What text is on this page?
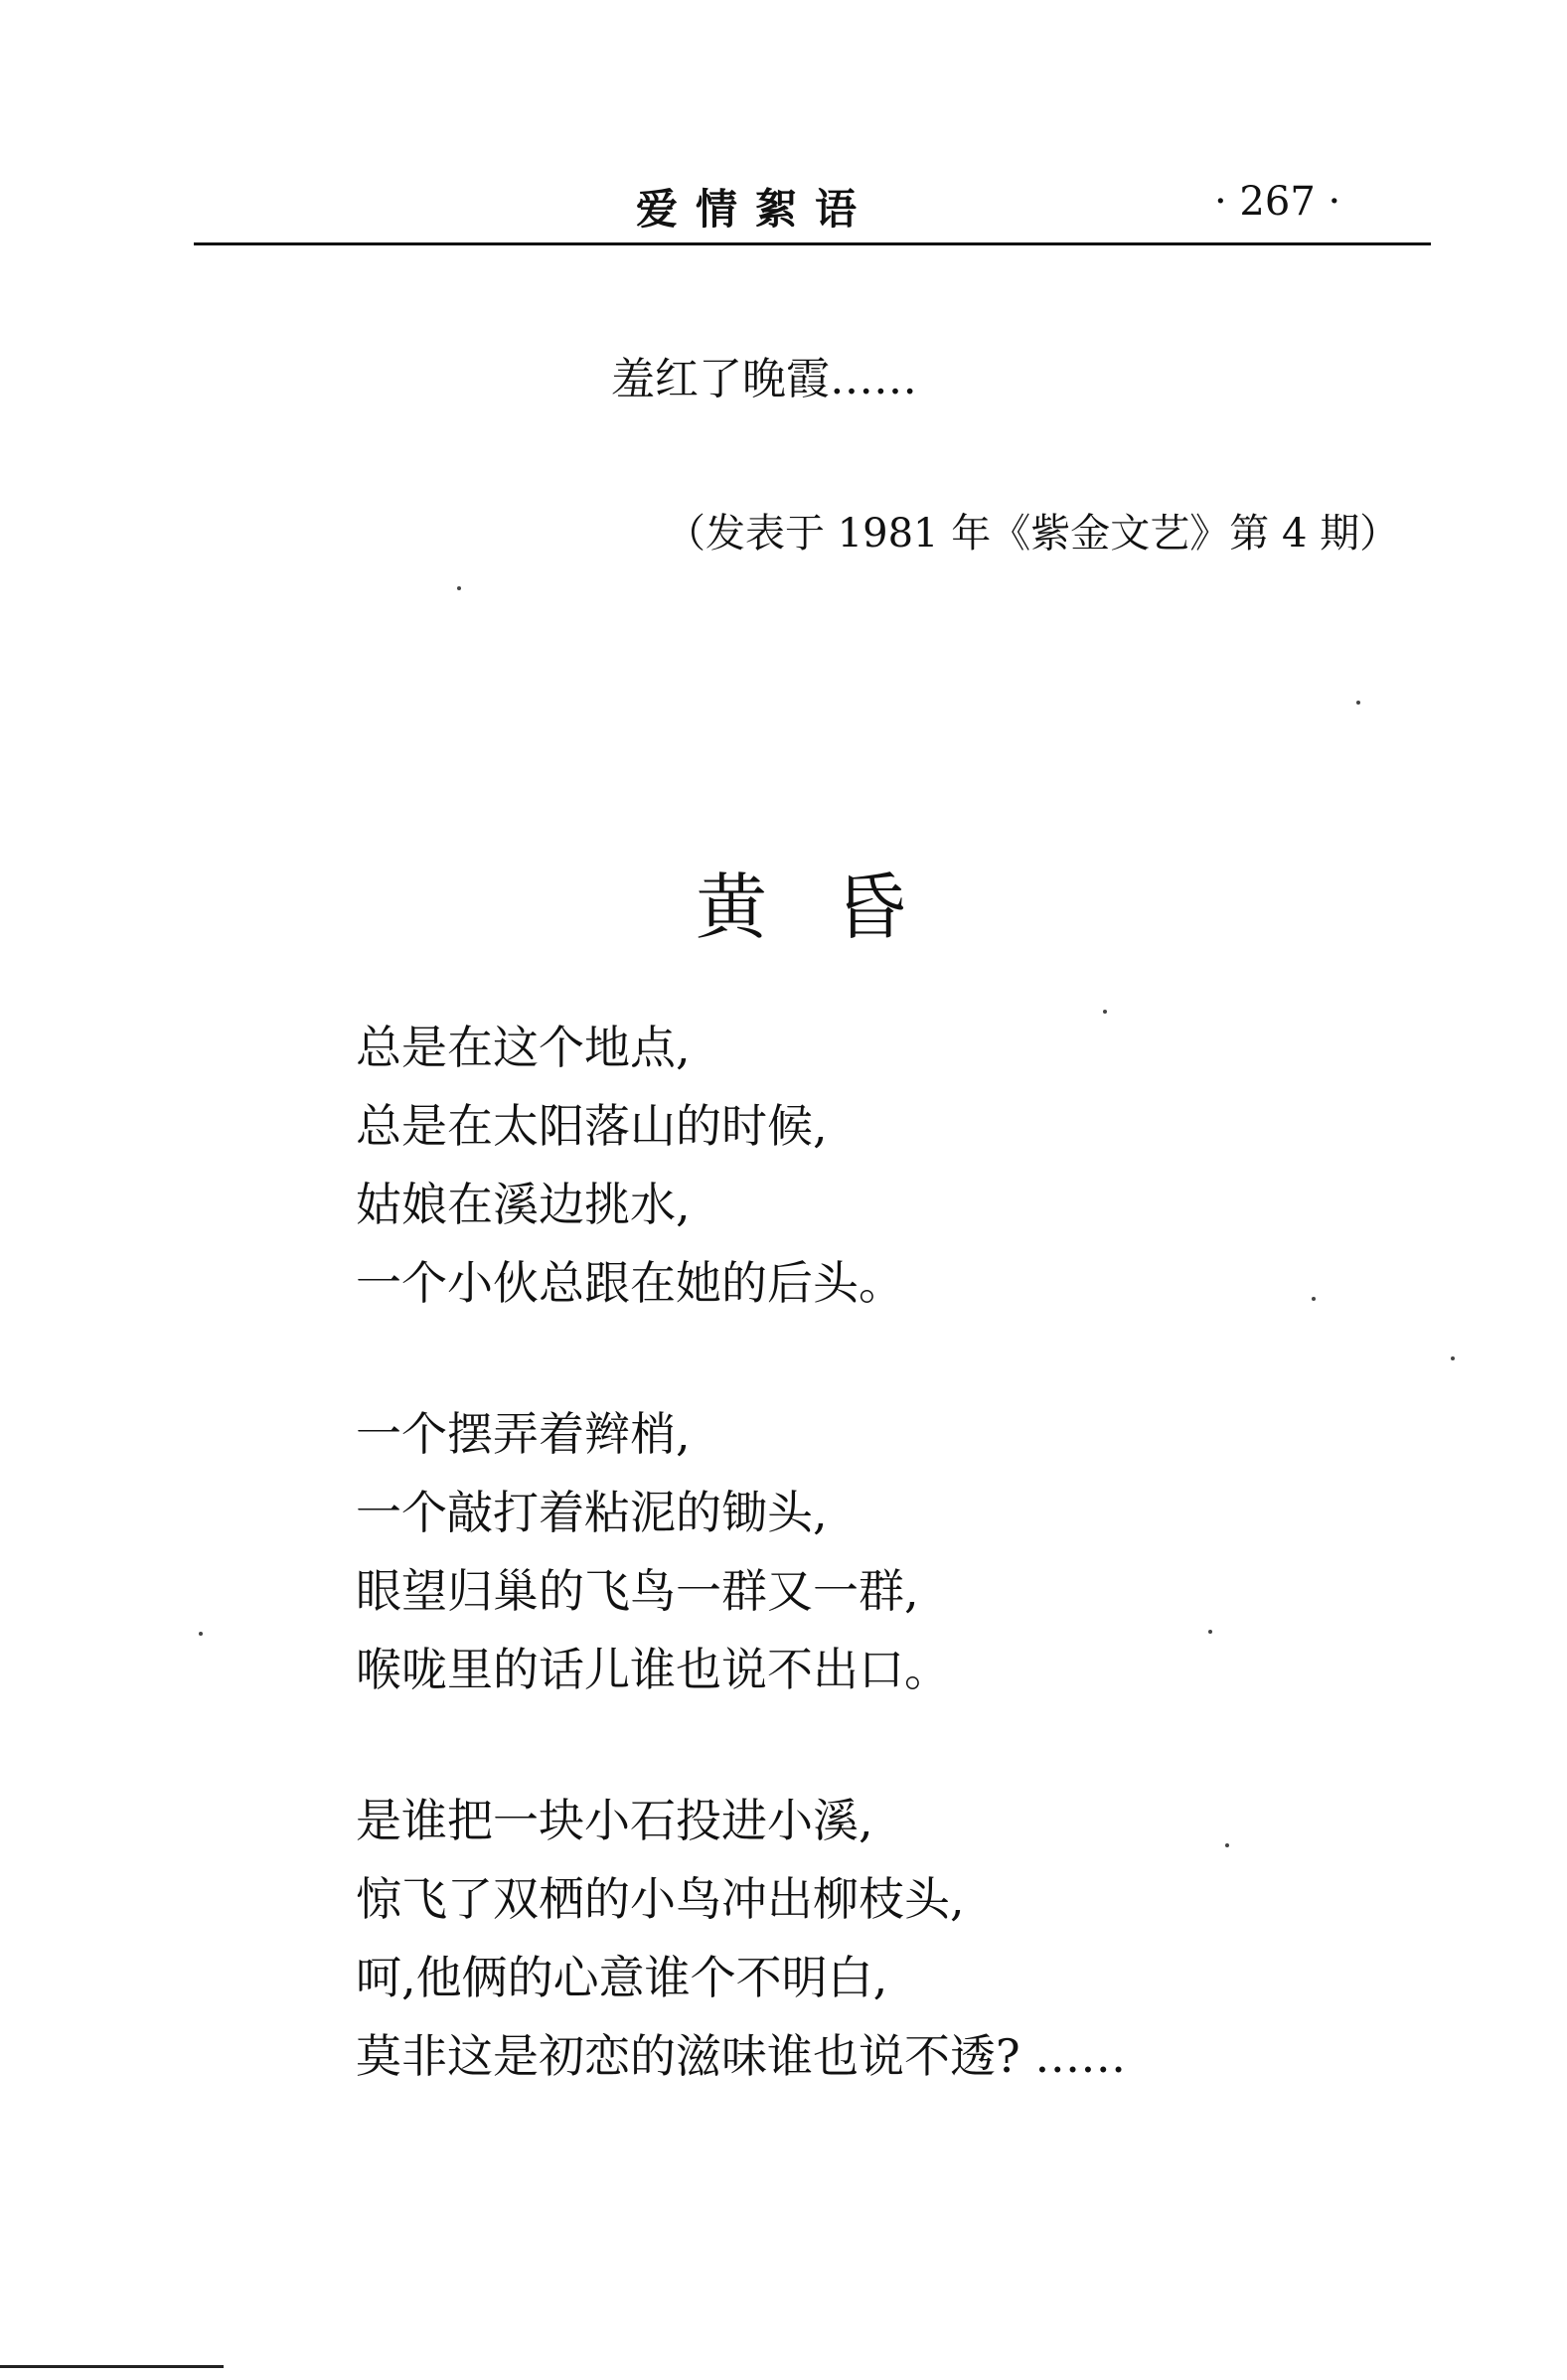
爱情絮语	· 267 ·
羞红了晚霞……
（发表于 1981 年《紫金文艺》第 4 期）
黄昏
总是在这个地点,
总是在太阳落山的时候,
姑娘在溪边挑水,
一个小伙总跟在她的后头。
一个摆弄着辫梢,
一个敲打着粘泥的锄头,
眼望归巢的飞鸟一群又一群,
喉咙里的话儿谁也说不出口。
是谁把一块小石投进小溪,
惊飞了双栖的小鸟冲出柳枝头,
呵,他俩的心意谁个不明白,
莫非这是初恋的滋味谁也说不透? ……
